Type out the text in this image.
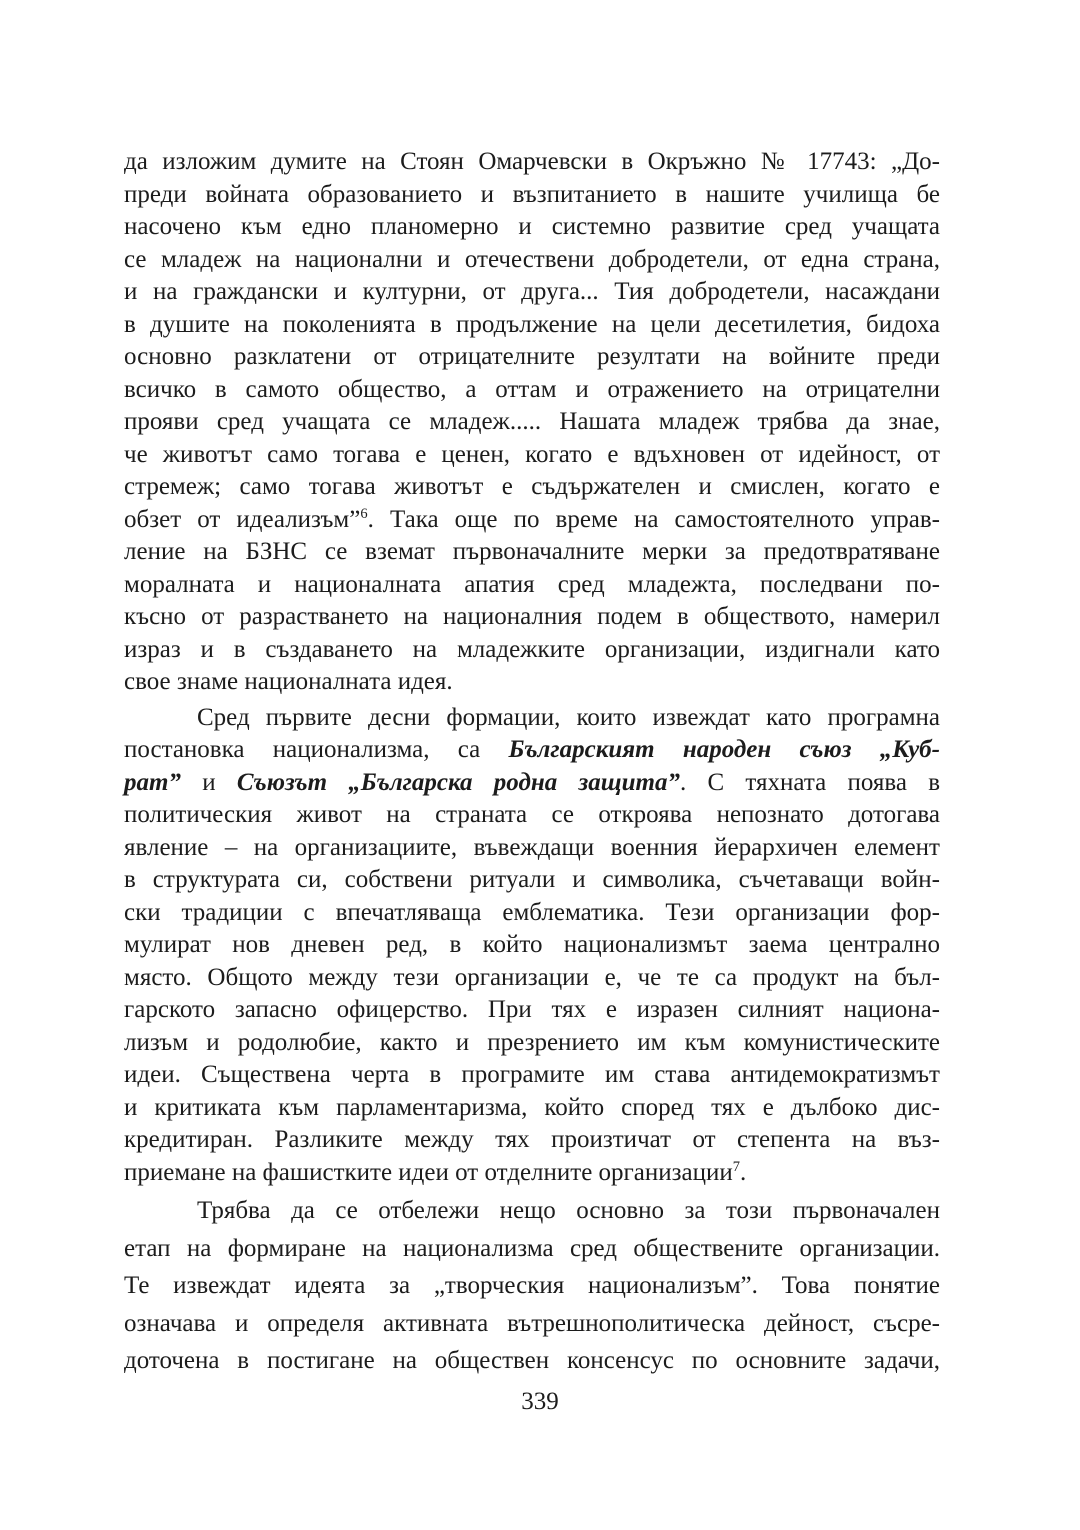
да изложим думите на Стоян Омарчевски в Окръжно № 17743: „До-
преди войната образованието и възпитанието в нашите училища бе
насочено към едно планомерно и системно развитие сред учащата
се младеж на национални и отечествени добродетели, от една страна,
и на граждански и културни, от друга... Тия добродетели, насаждани
в душите на поколенията в продължение на цели десетилетия, бидоха
основно разклатени от отрицателните резултати на войните преди
всичко в самото общество, а оттам и отражението на отрицателни
прояви сред учащата се младеж..... Нашата младеж трябва да знае,
че животът само тогава е ценен, когато е вдъхновен от идейност, от
стремеж; само тогава животът е съдържателен и смислен, когато е
обзет от идеализъм”$^6$. Така още по време на самостоятелното управ-
ление на БЗНС се вземат първоначалните мерки за предотвратяване
моралната и националната апатия сред младежта, последвани по-
късно от разрастването на националния подем в обществото, намерил
израз и в създаването на младежките организации, издигнали като
свое знаме националната идея.
Сред първите десни формации, които извеждат като програмна
постановка национализма, са Българският народен съюз „Куб-
рат” и Съюзът „Българска родна защита”. С тяхната поява в
политическия живот на страната се откроява непознато дотогава
явление – на организациите, въвеждащи военния йерархичен елемент
в структурата си, собствени ритуали и символика, съчетаващи войн-
ски традиции с впечатляваща емблематика. Тези организации фор-
мулират нов дневен ред, в който национализмът заема централно
място. Общото между тези организации е, че те са продукт на бъл-
гарското запасно офицерство. При тях е изразен силният национа-
лизъм и родолюбие, както и презрението им към комунистическите
идеи. Съществена черта в програмите им става антидемократизмът
и критиката към парламентаризма, който според тях е дълбоко дис-
кредитиран. Разликите между тях произтичат от степента на въз-
приемане на фашистките идеи от отделните организации$^7$.
Трябва да се отбележи нещо основно за този първоначален
етап на формиране на национализма сред обществените организации.
Те извеждат идеята за „творческия национализъм”. Това понятие
означава и определя активната вътрешнополитическа дейност, съсре-
доточена в постигане на обществен консенсус по основните задачи,
339
